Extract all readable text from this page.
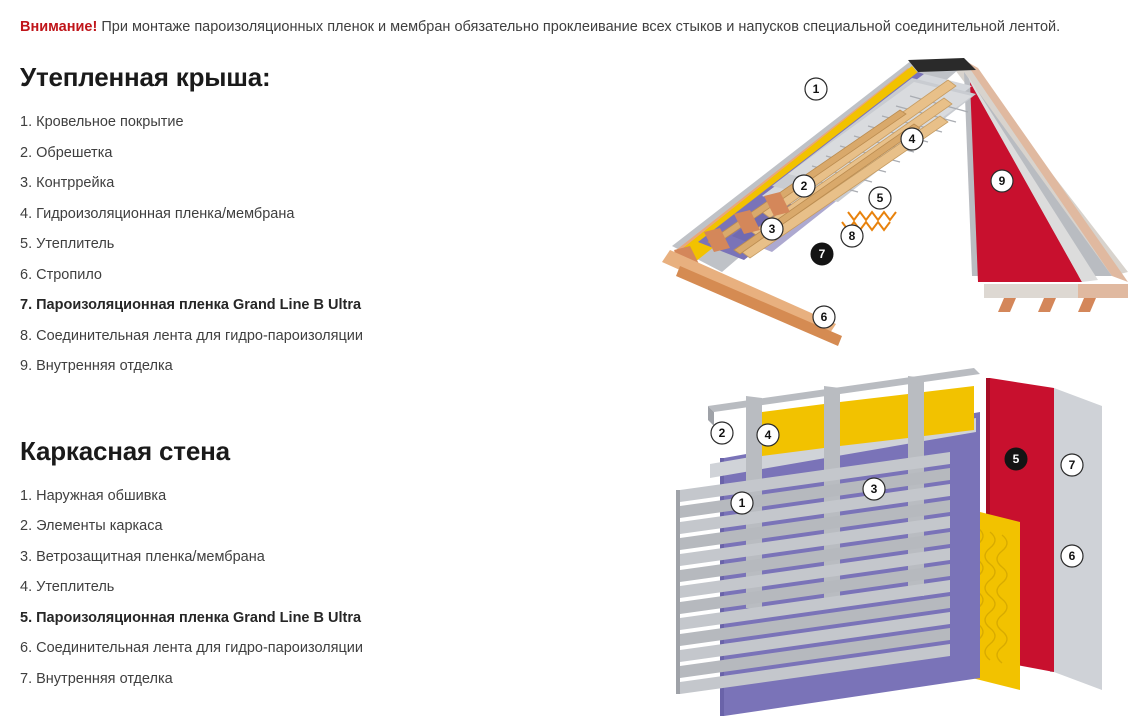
Внимание! При монтаже пароизоляционных пленок и мембран обязательно проклеивание всех стыков и напусков специальной соединительной лентой.
Утепленная крыша:
1. Кровельное покрытие
2. Обрешетка
3. Контррейка
4. Гидроизоляционная пленка/мембрана
5. Утеплитель
6. Стропило
7. Пароизоляционная пленка Grand Line B Ultra
8. Соединительная лента для гидро-пароизоляции
9. Внутренняя отделка
Каркасная стена
1. Наружная обшивка
2. Элементы каркаса
3. Ветрозащитная пленка/мембрана
4. Утеплитель
5. Пароизоляционная пленка Grand Line B Ultra
6. Соединительная лента для гидро-пароизоляции
7. Внутренняя отделка
1
4
2
5
9
3	8
7
6
2	4
5	7
3
1
6
